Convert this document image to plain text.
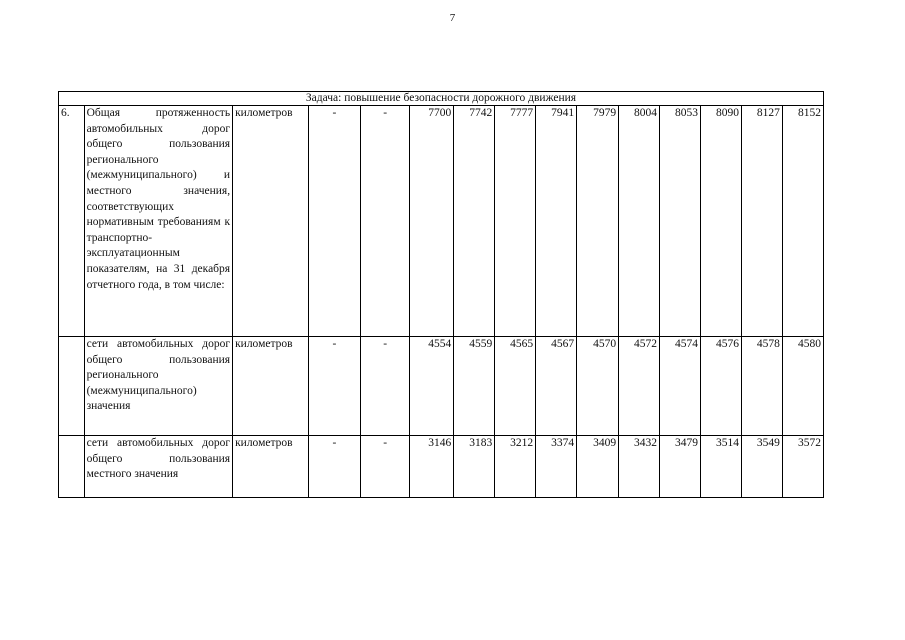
7
Задача: повышение безопасности дорожного движения														
6.	Общая протяженность автомобильных дорог общего пользования регионального (межмуниципального) и местного значения, соответствующих нормативным требованиям к транспортно-эксплуатационным показателям, на 31 декабря отчетного года, в том числе:	километров	-	-	7700	7742	7777	7941	7979	8004	8053	8090	8127	8152
	сети автомобильных дорог общего пользования регионального (межмуниципального) значения	километров	-	-	4554	4559	4565	4567	4570	4572	4574	4576	4578	4580
	сети автомобильных дорог общего пользования местного значения	километров	-	-	3146	3183	3212	3374	3409	3432	3479	3514	3549	3572
